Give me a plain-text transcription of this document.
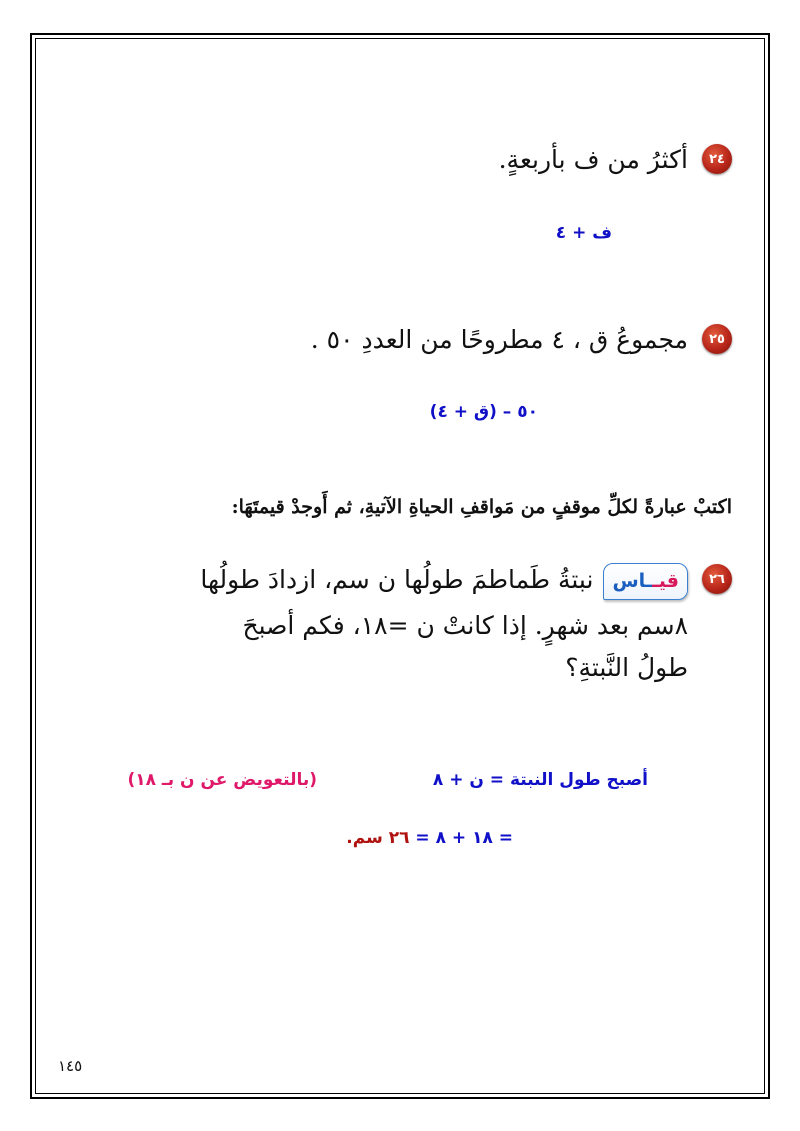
٢٤
أكثرُ من ف بأربعةٍ.
ف + ٤
٢٥
مجموعُ ق ، ٤ مطروحًا من العددِ ٥٠ .
٥٠ – (ق + ٤)
اكتبْ عبارةً لكلِّ موقفٍ من مَواقفِ الحياةِ الآتيةِ، ثم أَوجدْ قيمتَهَا:
٢٦
قيــاسنبتةُ طَماطمَ طولُها ن سم، ازدادَ طولُها
٨سم بعد شهرٍ. إذا كانتْ ن =١٨، فكم أصبحَ
طولُ النَّبتةِ؟
أصبح طول النبتة = ن + ٨
(بالتعويض عن ن بـ ١٨)
= ١٨ + ٨ = ٢٦ سم.
١٤٥
